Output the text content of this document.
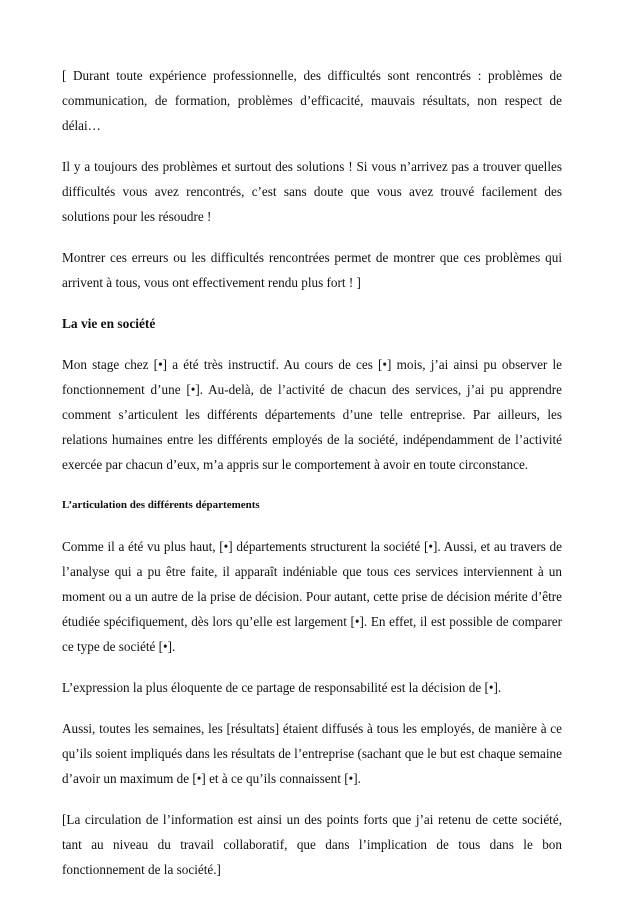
[ Durant toute expérience professionnelle, des difficultés sont rencontrés : problèmes de communication, de formation, problèmes d’efficacité, mauvais résultats, non respect de délai…

Il y a toujours des problèmes et surtout des solutions ! Si vous n’arrivez pas a trouver quelles difficultés vous avez rencontrés, c’est sans doute que vous avez trouvé facilement des solutions pour les résoudre !

Montrer ces erreurs ou les difficultés rencontrées permet de montrer que ces problèmes qui arrivent à tous, vous ont effectivement rendu plus fort ! ]

La vie en société

Mon stage chez [•] a été très instructif. Au cours de ces [•] mois, j’ai ainsi pu observer le fonctionnement d’une [•]. Au-delà, de l’activité de chacun des services, j’ai pu apprendre comment s’articulent les différents départements d’une telle entreprise. Par ailleurs, les relations humaines entre les différents employés de la société, indépendamment de l’activité exercée par chacun d’eux, m’a appris sur le comportement à avoir en toute circonstance.

L’articulation des différents départements

Comme il a été vu plus haut, [•] départements structurent la société [•]. Aussi, et au travers de l’analyse qui a pu être faite, il apparaît indéniable que tous ces services interviennent à un moment ou a un autre de la prise de décision. Pour autant, cette prise de décision mérite d’être étudiée spécifiquement, dès lors qu’elle est largement [•]. En effet, il est possible de comparer ce type de société [•].

L’expression la plus éloquente de ce partage de responsabilité est la décision de [•].

Aussi, toutes les semaines, les [résultats] étaient diffusés à tous les employés, de manière à ce qu’ils soient impliqués dans les résultats de l’entreprise (sachant que le but est chaque semaine d’avoir un maximum de [•] et à ce qu’ils connaissent [•].

[La circulation de l’information est ainsi un des points forts que j’ai retenu de cette société, tant au niveau du travail collaboratif, que dans l’implication de tous dans le bon fonctionnement de la société.]
